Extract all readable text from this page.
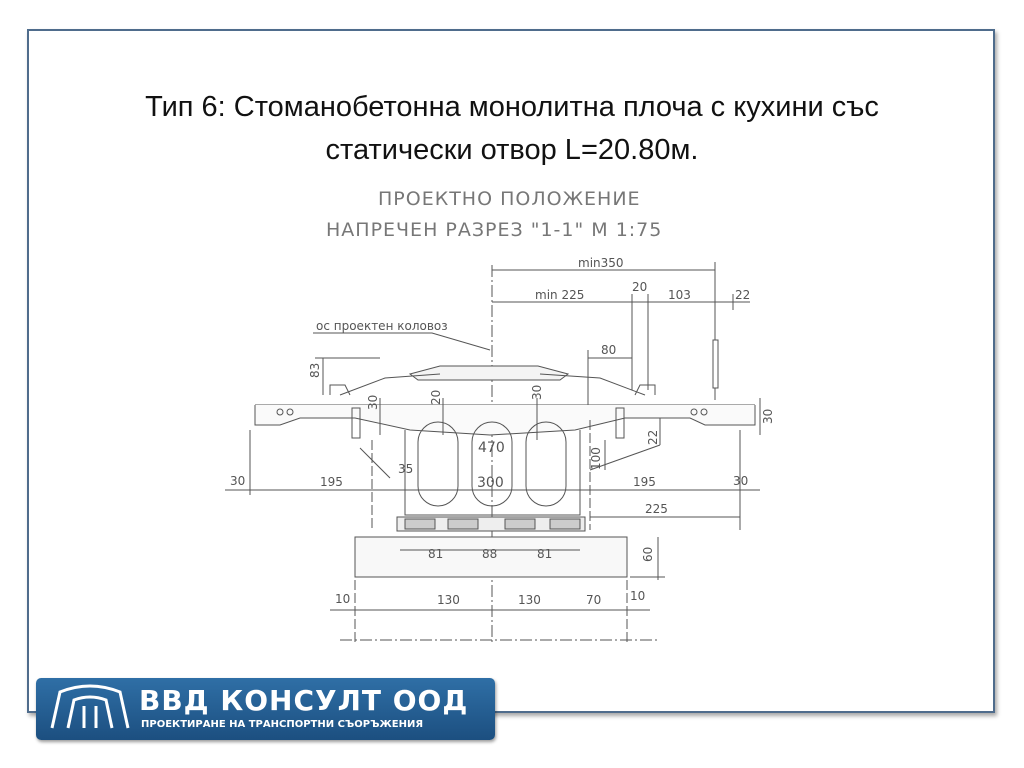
Тип 6: Стоманобетонна монолитна плоча с кухини със
статически отвор L=20.80м.
ПРОЕКТНО ПОЛОЖЕНИЕ
НАПРЕЧЕН РАЗРЕЗ "1-1" М 1:75
ос проектен коловоз
min350
min 225
20
103	22
80
83
30	20	30
30
22
470	100
30	195
35
300	195	30
225
81	88	81	60
10	130	130	70 10
ВВД КОНСУЛТ ООД
ПРОЕКТИРАНЕ НА ТРАНСПОРТНИ СЪОРЪЖЕНИЯ
